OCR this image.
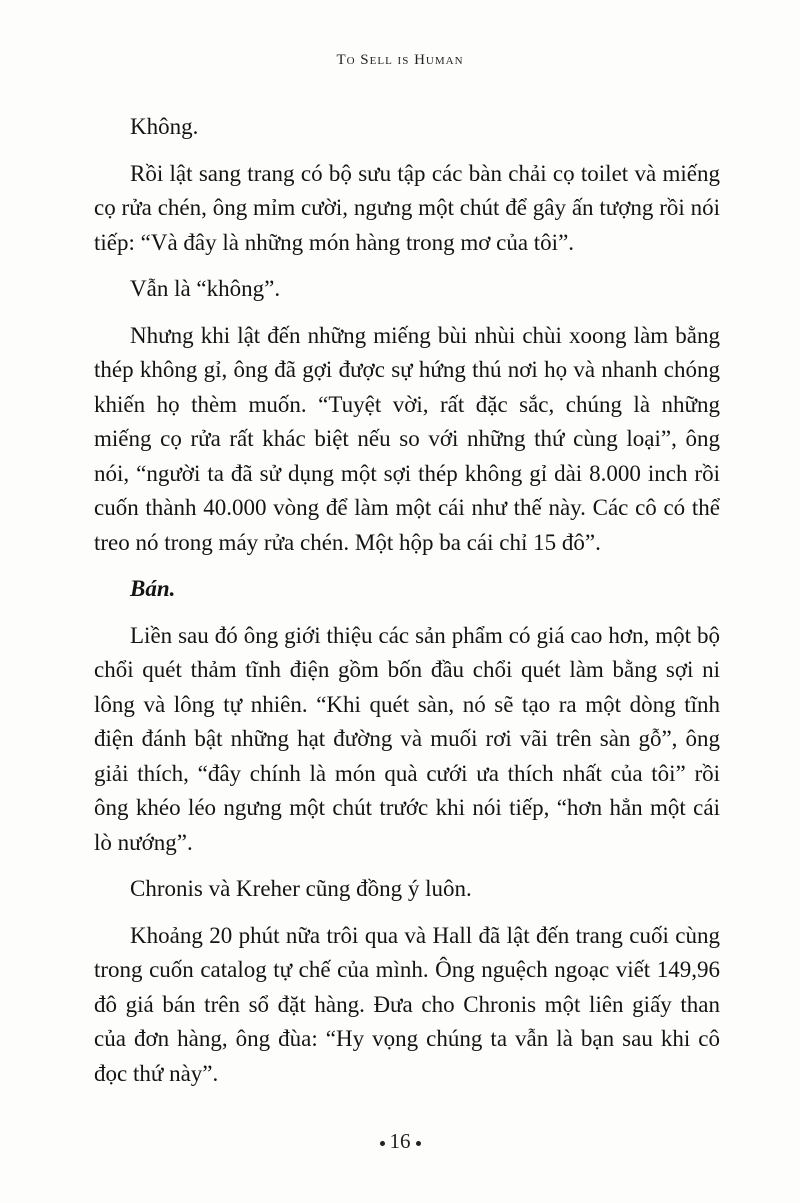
To Sell is Human

Không.

Rồi lật sang trang có bộ sưu tập các bàn chải cọ toilet và miếng cọ rửa chén, ông mỉm cười, ngưng một chút để gây ấn tượng rồi nói tiếp: “Và đây là những món hàng trong mơ của tôi”.

Vẫn là “không”.

Nhưng khi lật đến những miếng bùi nhùi chùi xoong làm bằng thép không gỉ, ông đã gợi được sự hứng thú nơi họ và nhanh chóng khiến họ thèm muốn. “Tuyệt vời, rất đặc sắc, chúng là những miếng cọ rửa rất khác biệt nếu so với những thứ cùng loại”, ông nói, “người ta đã sử dụng một sợi thép không gỉ dài 8.000 inch rồi cuốn thành 40.000 vòng để làm một cái như thế này. Các cô có thể treo nó trong máy rửa chén. Một hộp ba cái chỉ 15 đô”.

Bán.

Liền sau đó ông giới thiệu các sản phẩm có giá cao hơn, một bộ chổi quét thảm tĩnh điện gồm bốn đầu chổi quét làm bằng sợi ni lông và lông tự nhiên. “Khi quét sàn, nó sẽ tạo ra một dòng tĩnh điện đánh bật những hạt đường và muối rơi vãi trên sàn gỗ”, ông giải thích, “đây chính là món quà cưới ưa thích nhất của tôi” rồi ông khéo léo ngưng một chút trước khi nói tiếp, “hơn hẳn một cái lò nướng”.

Chronis và Kreher cũng đồng ý luôn.

Khoảng 20 phút nữa trôi qua và Hall đã lật đến trang cuối cùng trong cuốn catalog tự chế của mình. Ông nguệch ngoạc viết 149,96 đô giá bán trên sổ đặt hàng. Đưa cho Chronis một liên giấy than của đơn hàng, ông đùa: “Hy vọng chúng ta vẫn là bạn sau khi cô đọc thứ này”.

16
